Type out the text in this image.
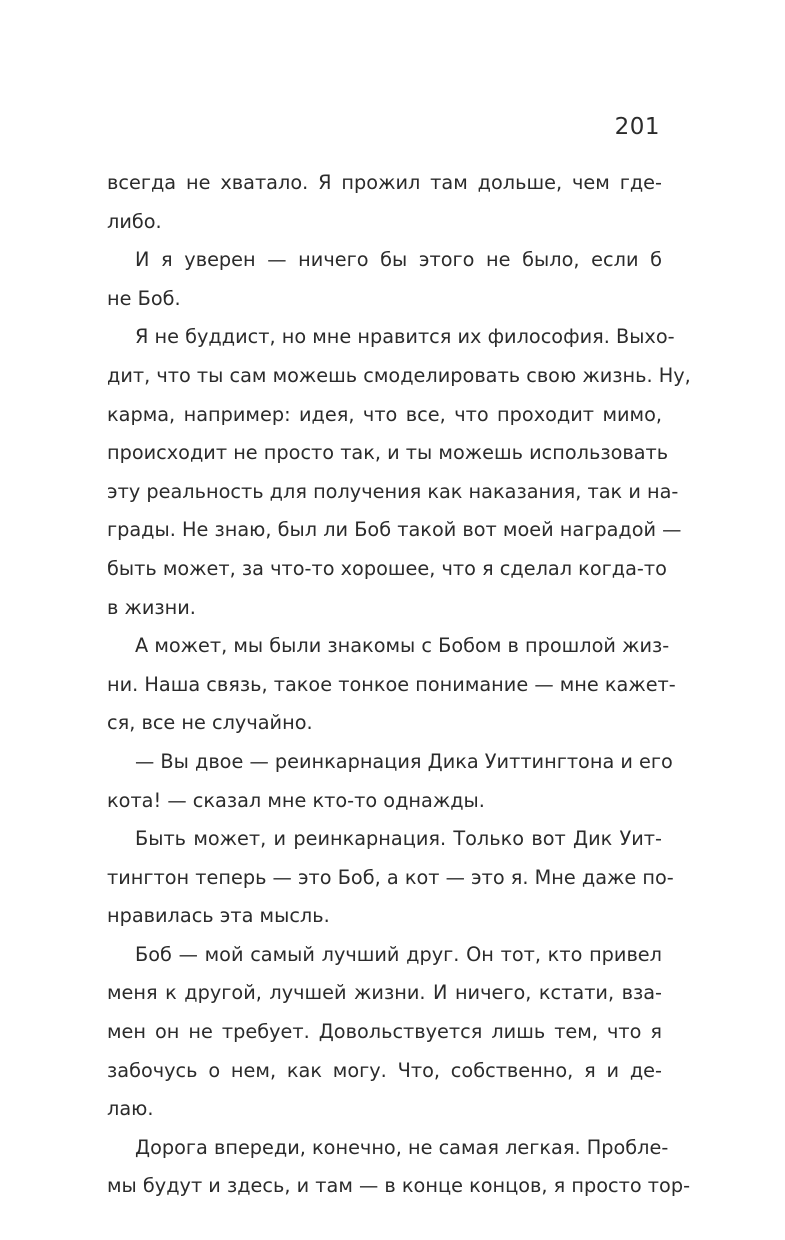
201
всегда не хватало. Я прожил там дольше, чем где-
либо.
И я уверен — ничего бы этого не было, если б
не Боб.
Я не буддист, но мне нравится их философия. Выхо-
дит, что ты сам можешь смоделировать свою жизнь. Ну,
карма, например: идея, что все, что проходит мимо,
происходит не просто так, и ты можешь использовать
эту реальность для получения как наказания, так и на-
грады. Не знаю, был ли Боб такой вот моей наградой —
быть может, за что-то хорошее, что я сделал когда-то
в жизни.
А может, мы были знакомы с Бобом в прошлой жиз-
ни. Наша связь, такое тонкое понимание — мне кажет-
ся, все не случайно.
— Вы двое — реинкарнация Дика Уиттингтона и его
кота! — сказал мне кто-то однажды.
Быть может, и реинкарнация. Только вот Дик Уит-
тингтон теперь — это Боб, а кот — это я. Мне даже по-
нравилась эта мысль.
Боб — мой самый лучший друг. Он тот, кто привел
меня к другой, лучшей жизни. И ничего, кстати, вза-
мен он не требует. Довольствуется лишь тем, что я
забочусь о нем, как могу. Что, собственно, я и де-
лаю.
Дорога впереди, конечно, не самая легкая. Пробле-
мы будут и здесь, и там — в конце концов, я просто тор-
